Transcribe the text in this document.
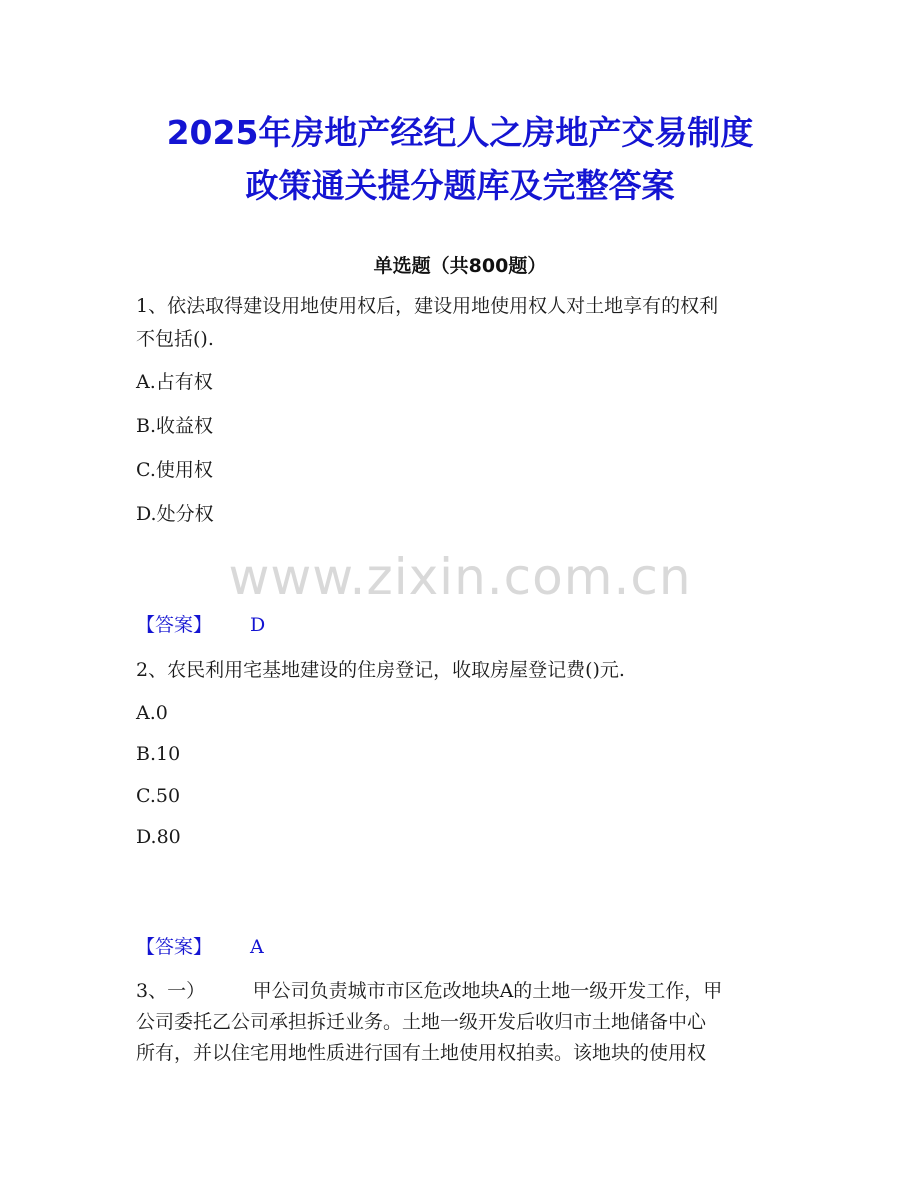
2025年房地产经纪人之房地产交易制度
政策通关提分题库及完整答案
单选题（共800题）
1、依法取得建设用地使用权后，建设用地使用权人对土地享有的权利
不包括().
A.占有权
B.收益权
C.使用权
D.处分权
www.zixin.com.cn
【答案】 D
2、农民利用宅基地建设的住房登记，收取房屋登记费()元.
A.0
B.10
C.50
D.80
【答案】 A
3、一）　　　甲公司负责城市市区危改地块A的土地一级开发工作，甲
公司委托乙公司承担拆迁业务。土地一级开发后收归市土地储备中心
所有，并以住宅用地性质进行国有土地使用权拍卖。该地块的使用权
